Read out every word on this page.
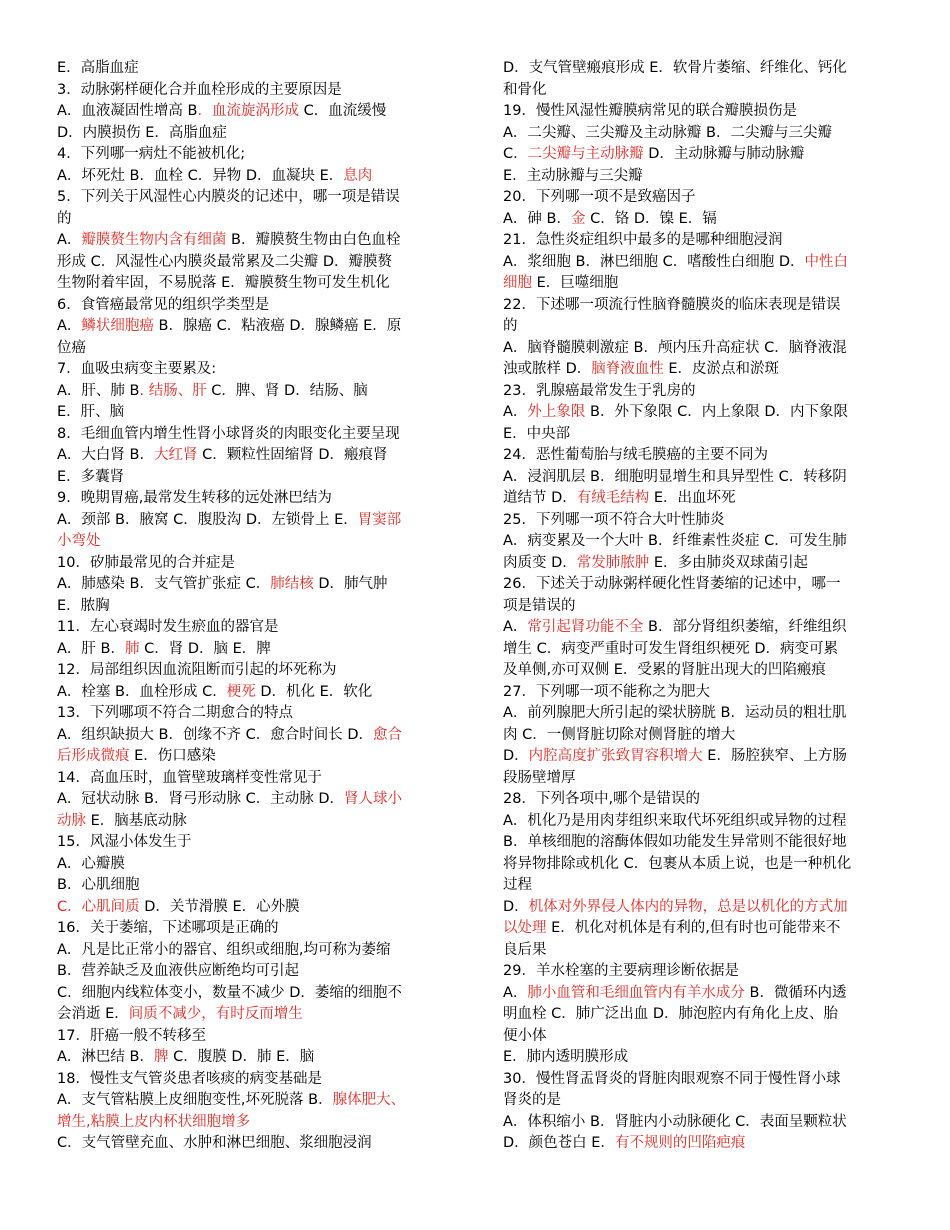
E．高脂血症
3．动脉粥样硬化合并血栓形成的主要原因是
A．血液凝固性增高 B．血流旋涡形成 C．血流缓慢
D．内膜损伤 E．高脂血症
4．下列哪一病灶不能被机化;
A．坏死灶 B．血栓 C．异物 D．血凝块 E．息肉
5．下列关于风湿性心内膜炎的记述中，哪一项是错误
的
A．瓣膜赘生物内含有细菌 B．瓣膜赘生物由白色血栓
形成 C．风湿性心内膜炎最常累及二尖瓣 D．瓣膜赘
生物附着牢固，不易脱落 E．瓣膜赘生物可发生机化
6．食管癌最常见的组织学类型是
A．鳞状细胞癌 B．腺癌 C．粘液癌 D．腺鳞癌 E．原
位癌
7．血吸虫病变主要累及:
A．肝、肺 B. 结肠、肝 C．脾、肾 D．结肠、脑
E．肝、脑
8．毛细血管内增生性肾小球肾炎的肉眼变化主要呈现
A．大白肾 B．大红肾 C．颗粒性固缩肾 D．瘢痕肾
E．多囊肾
9．晚期胃癌,最常发生转移的远处淋巴结为
A．颈部 B．腋窝 C．腹股沟 D．左锁骨上 E．胃窦部
小弯处
10．矽肺最常见的合并症是
A．肺感染 B．支气管扩张症 C．肺结核 D．肺气肿
E．脓胸
11．左心衰竭时发生瘀血的器官是
A．肝 B．肺 C．肾 D．脑 E．脾
12．局部组织因血流阻断而引起的坏死称为
A．栓塞 B．血栓形成 C．梗死 D．机化 E．软化
13．下列哪项不符合二期愈合的特点
A．组织缺损大 B．创缘不齐 C．愈合时间长 D．愈合
后形成微痕 E．伤口感染
14．高血压时，血管壁玻璃样变性常见于
A．冠状动脉 B．肾弓形动脉 C．主动脉 D．肾人球小
动脉 E．脑基底动脉
15．风湿小体发生于
A．心瓣膜
B．心肌细胞
C．心肌间质 D．关节滑膜 E．心外膜
16．关于萎缩，下述哪项是正确的
A．凡是比正常小的器官、组织或细胞,均可称为萎缩
B．营养缺乏及血液供应断绝均可引起
C．细胞内线粒体变小，数量不减少 D．萎缩的细胞不
会消逝 E．间质不减少，有时反而增生
17．肝癌一般不转移至
A．淋巴结 B．脾 C．腹膜 D．肺 E．脑
18．慢性支气管炎患者咳痰的病变基础是
A．支气管粘膜上皮细胞变性,坏死脱落 B．腺体肥大、
增生,粘膜上皮内杯状细胞增多
C．支气管壁充血、水肿和淋巴细胞、浆细胞浸润
D．支气管壁瘢痕形成 E．软骨片萎缩、纤维化、钙化
和骨化
19．慢性风湿性瓣膜病常见的联合瓣膜损伤是
A．二尖瓣、三尖瓣及主动脉瓣 B．二尖瓣与三尖瓣
C．二尖瓣与主动脉瓣 D．主动脉瓣与肺动脉瓣
E．主动脉瓣与三尖瓣
20．下列哪一项不是致癌因子
A．砷 B．金 C．铬 D．镍 E．镉
21．急性炎症组织中最多的是哪种细胞浸润
A．浆细胞 B．淋巴细胞 C．嗜酸性白细胞 D．中性白
细胞 E．巨噬细胞
22．下述哪一项流行性脑脊髓膜炎的临床表现是错误
的
A．脑脊髓膜刺激症 B．颅内压升高症状 C．脑脊液混
浊或脓样 D．脑脊液血性 E．皮淤点和淤斑
23．乳腺癌最常发生于乳房的
A．外上象限 B．外下象限 C．内上象限 D．内下象限
E．中央部
24．恶性葡萄胎与绒毛膜癌的主要不同为
A．浸润肌层 B．细胞明显增生和具异型性 C．转移阴
道结节 D．有绒毛结构 E．出血坏死
25．下列哪一项不符合大叶性肺炎
A．病变累及一个大叶 B．纤维素性炎症 C．可发生肺
肉质变 D．常发肺脓肿 E．多由肺炎双球菌引起
26．下述关于动脉粥样硬化性肾萎缩的记述中，哪一
项是错误的
A．常引起肾功能不全 B．部分肾组织萎缩，纤维组织
增生 C．病变严重时可发生肾组织梗死 D．病变可累
及单侧,亦可双侧 E．受累的肾脏出现大的凹陷瘢痕
27．下列哪一项不能称之为肥大
A．前列腺肥大所引起的梁状膀胱 B．运动员的粗壮肌
肉 C．一侧肾脏切除对侧肾脏的增大
D．内腔高度扩张致胃容积增大 E．肠腔狭窄、上方肠
段肠壁增厚
28．下列各项中,哪个是错误的
A．机化乃是用肉芽组织来取代坏死组织或异物的过程
B．单核细胞的溶酶体假如功能发生异常则不能很好地
将异物排除或机化 C．包裹从本质上说，也是一种机化
过程
D．机体对外界侵人体内的异物，总是以机化的方式加
以处理 E．机化对机体是有利的,但有时也可能带来不
良后果
29．羊水栓塞的主要病理诊断依据是
A．肺小血管和毛细血管内有羊水成分 B．微循环内透
明血栓 C．肺广泛出血 D．肺泡腔内有角化上皮、胎
便小体
E．肺内透明膜形成
30．慢性肾盂肾炎的肾脏肉眼观察不同于慢性肾小球
肾炎的是
A．体积缩小 B．肾脏内小动脉硬化 C．表面呈颗粒状
D．颜色苍白 E．有不规则的凹陷疤痕
